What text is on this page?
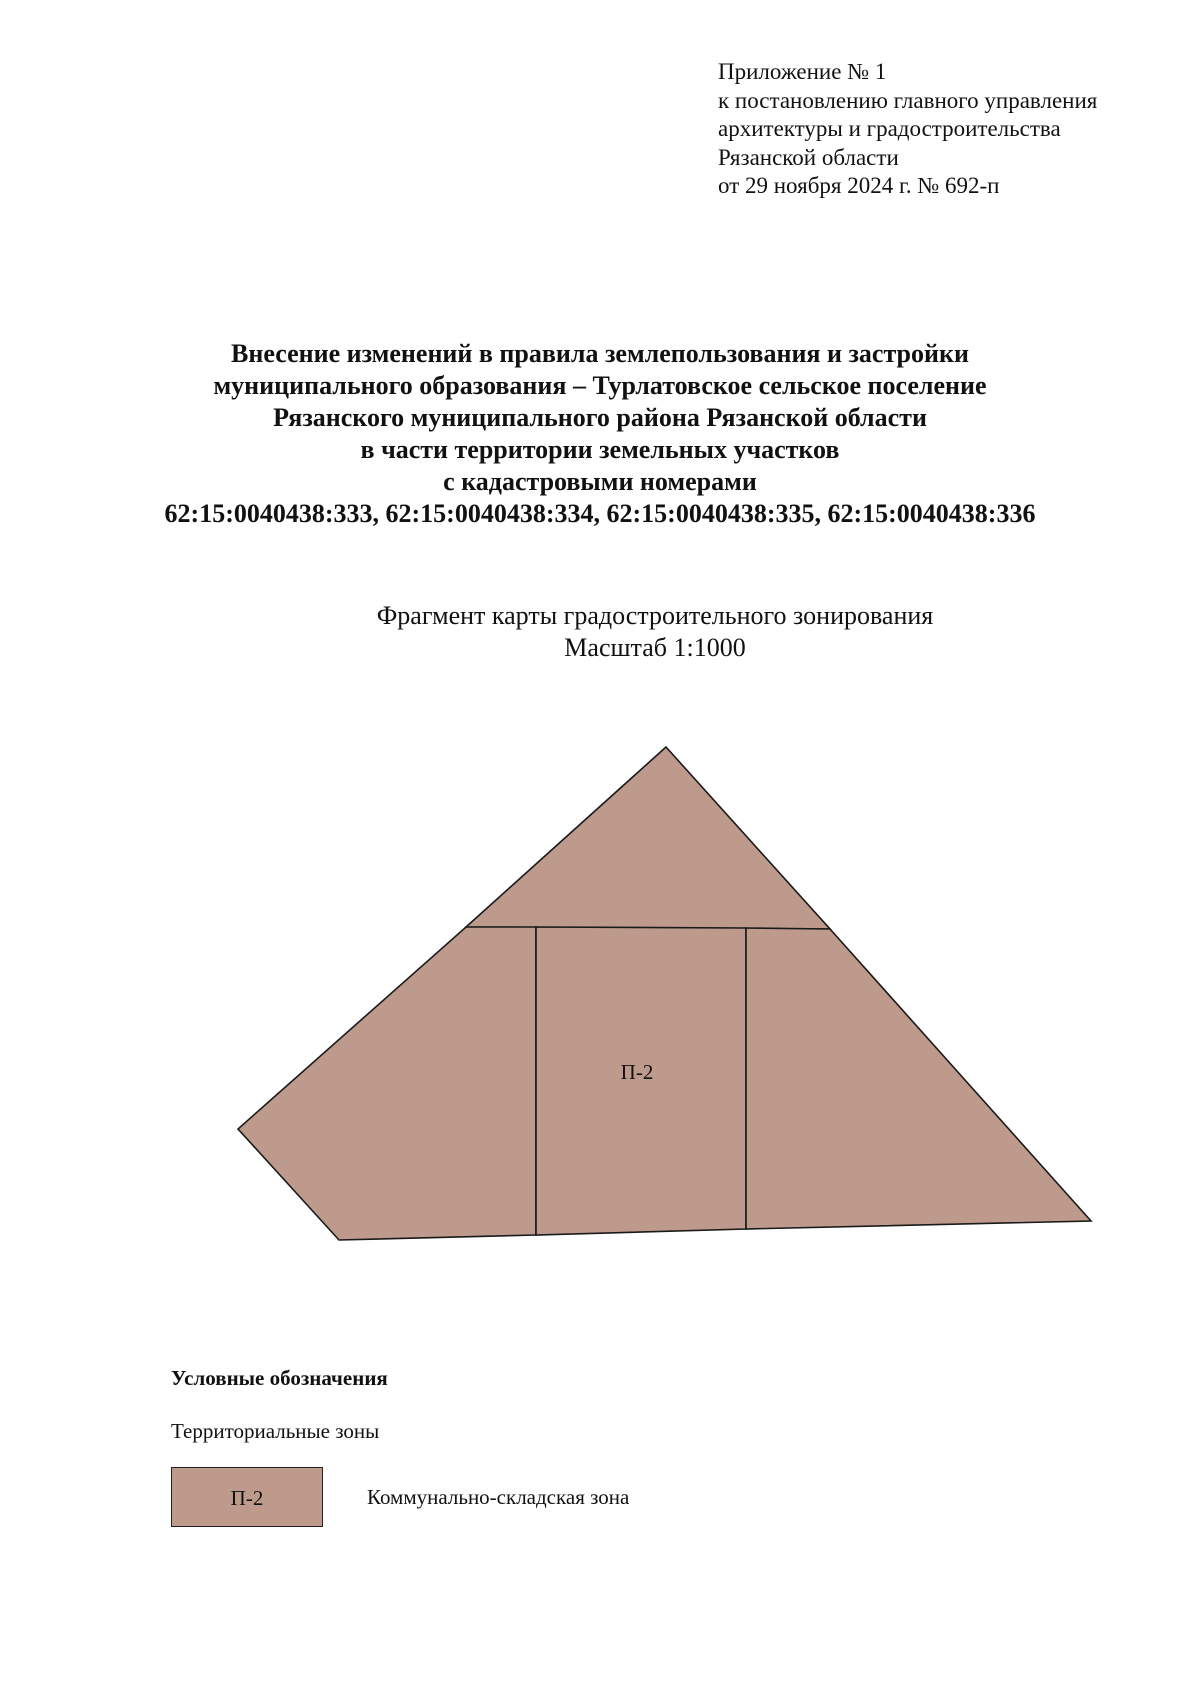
Приложение № 1
к постановлению главного управления
архитектуры и градостроительства
Рязанской области
от 29 ноября 2024 г. № 692-п
Внесение изменений в правила землепользования и застройки
муниципального образования – Турлатовское сельское поселение
Рязанского муниципального района Рязанской области
в части территории земельных участков
с кадастровыми номерами
62:15:0040438:333, 62:15:0040438:334, 62:15:0040438:335, 62:15:0040438:336
Фрагмент карты градостроительного зонирования
Масштаб 1:1000
П-2
Условные обозначения
Территориальные зоны
П-2	Коммунально-складская зона
